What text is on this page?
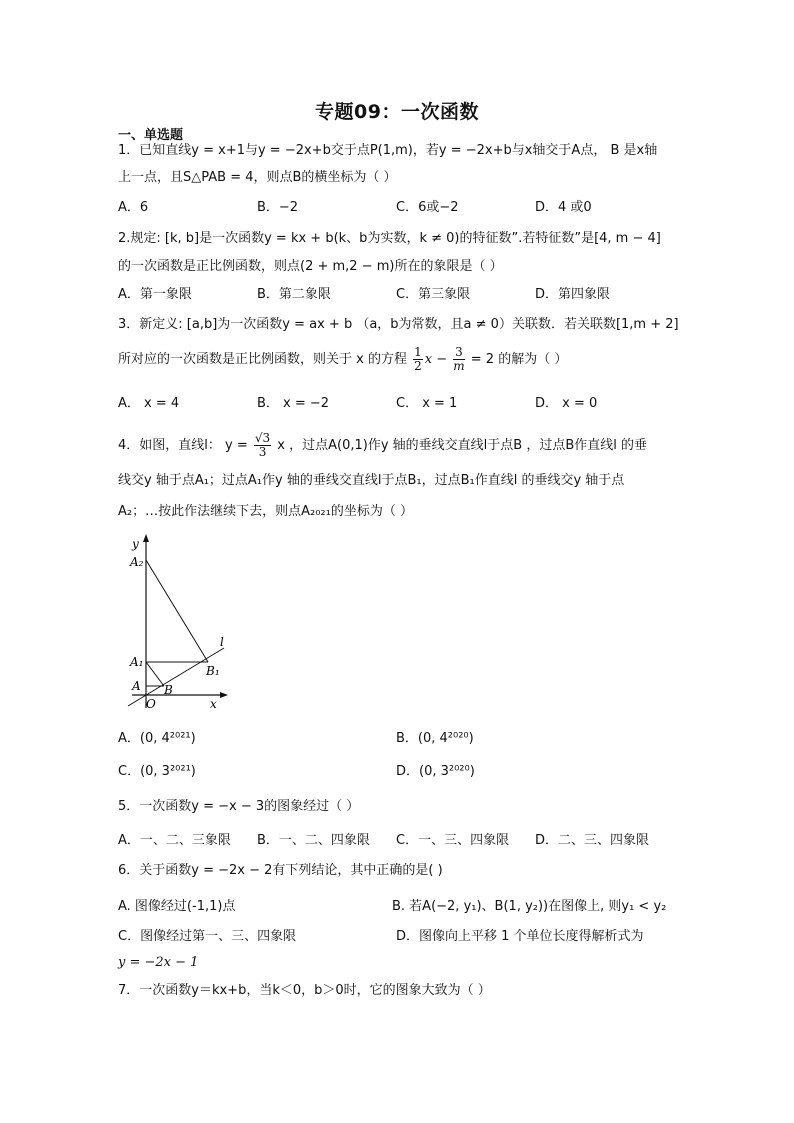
专题09：一次函数
一、单选题
1．已知直线y = x+1与y = −2x+b交于点P(1,m)，若y = −2x+b与x轴交于A点， B 是x轴
上一点，且S△PAB = 4，则点B的横坐标为（ ）
A．6	B．−2	C．6或−2	D．4 或0
2.规定: [k, b]是一次函数y = kx + b(k、b为实数，k ≠ 0)的特征数”.若特征数”是[4, m − 4]
的一次函数是正比例函数，则点(2 + m,2 − m)所在的象限是（ ）
A．第一象限	B．第二象限	C．第三象限	D．第四象限
3．新定义: [a,b]为一次函数y = ax + b （a，b为常数，且a ≠ 0）关联数．若关联数[1,m + 2]
所对应的一次函数是正比例函数，则关于 x 的方程 $\frac{1}{2}$ $x - \frac{3}{m} = 2$ 的解为（ ）
A． x = 4	B． x = −2	C． x = 1	D． x = 0
4．如图，直线l： $y = \frac{√3}{3}$ x ，过点A(0,1)作y 轴的垂线交直线l于点B ，过点B作直线l 的垂
线交y 轴于点A₁；过点A₁作y 轴的垂线交直线l于点B₁，过点B₁作直线l 的垂线交y 轴于点
A₂；…按此作法继续下去，则点A₂₀₂₁的坐标为（ ）
y
A₂
l
A₁
B₁
A B
O	x
A．(0, 4²⁰²¹)	B．(0, 4²⁰²⁰)
C．(0, 3²⁰²¹)	D．(0, 3²⁰²⁰)
5．一次函数y = −x − 3的图象经过（ ）
A．一、二、三象限 B．一、二、四象限 C．一、三、四象限 D．二、三、四象限
6．关于函数y = −2x − 2有下列结论，其中正确的是( )
A. 图像经过(-1,1)点	B. 若A(−2, y₁)、B(1, y₂))在图像上, 则y₁ < y₂
C．图像经过第一、三、四象限	D．图像向上平移 1 个单位长度得解析式为
y = −2x − 1
7．一次函数y＝kx+b，当k＜0，b＞0时，它的图象大致为（ ）
